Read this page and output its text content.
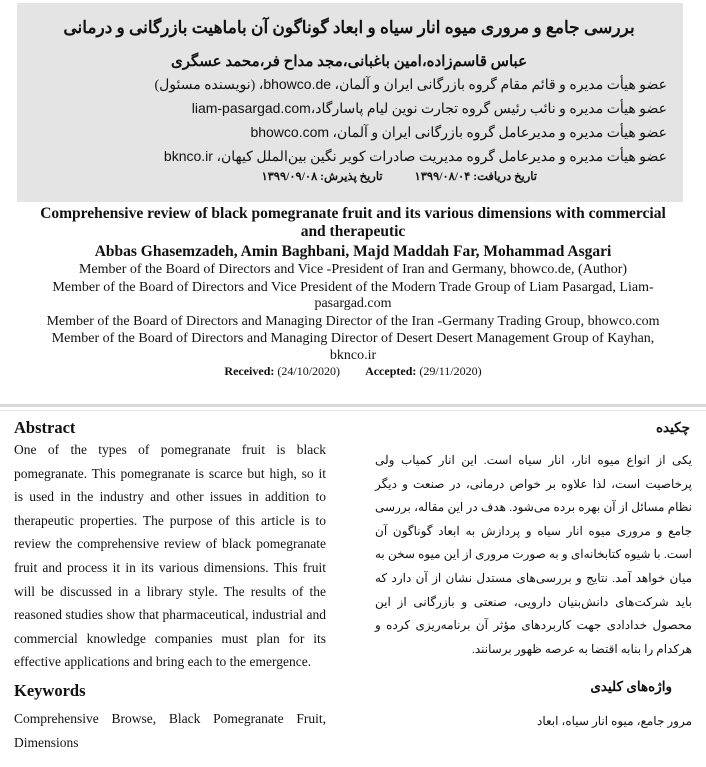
بررسی جامع و مروری میوه انار سیاه و ابعاد گوناگون آن باماهیت بازرگانی و درمانی
عباس قاسم‌زاده،امین باغبانی،مجد مداح فر،محمد عسگری
عضو هیأت مدیره و قائم مقام گروه بازرگانی ایران و آلمان، bhowco.de، (نویسنده مسئول)
عضو هیأت مدیره و نائب رئیس گروه تجارت نوین لیام پاسارگاد،liam-pasargad.com
عضو هیأت مدیره و مدیرعامل گروه بازرگانی ایران و آلمان، bhowco.com
عضو هیأت مدیره و مدیرعامل گروه مدیریت صادرات کویر نگین بین‌الملل کیهان، bknco.ir
تاریخ دریافت: ۱۳۹۹/۰۸/۰۴تاریخ پذیرش: ۱۳۹۹/۰۹/۰۸

Comprehensive review of black pomegranate fruit and its various dimensions with commercial and therapeutic

Abbas Ghasemzadeh, Amin Baghbani, Majd Maddah Far, Mohammad Asgari

Member of the Board of Directors and Vice -President of Iran and Germany, bhowco.de, (Author)

Member of the Board of Directors and Vice President of the Modern Trade Group of Liam Pasargad, Liam-pasargad.com

Member of the Board of Directors and Managing Director of the Iran -Germany Trading Group, bhowco.com

Member of the Board of Directors and Managing Director of Desert Desert Management Group of Kayhan, bknco.ir

Received: (24/10/2020) Accepted: (29/11/2020)
Abstract

One of the types of pomegranate fruit is black pomegranate. This pomegranate is scarce but high, so it is used in the industry and other issues in addition to therapeutic properties. The purpose of this article is to review the comprehensive review of black pomegranate fruit and process it in its various dimensions. This fruit will be discussed in a library style. The results of the reasoned studies show that pharmaceutical, industrial and commercial knowledge companies must plan for its effective applications and bring each to the emergence.

Keywords

Comprehensive Browse, Black Pomegranate Fruit, Dimensions

چکیده

یکی از انواع میوه انار، انار سیاه است. این انار کمیاب ولی پرخاصیت است، لذا علاوه بر خواص درمانی، در صنعت و دیگر نظام مسائل از آن بهره برده می‌شود. هدف در این مقاله، بررسی جامع و مروری میوه انار سیاه و پردازش به ابعاد گوناگون آن است. با شیوه کتابخانه‌ای و به صورت مروری از این میوه سخن به میان خواهد آمد. نتایج و بررسی‌های مستدل نشان از آن دارد که باید شرکت‌های دانش‌بنیان دارویی، صنعتی و بازرگانی از این محصول خدادادی جهت کاربردهای مؤثر آن برنامه‌ریزی کرده و هرکدام را بنابه اقتضا به عرصه ظهور برسانند.

واژه‌های کلیدی

مرور جامع، میوه انار سیاه، ابعاد
